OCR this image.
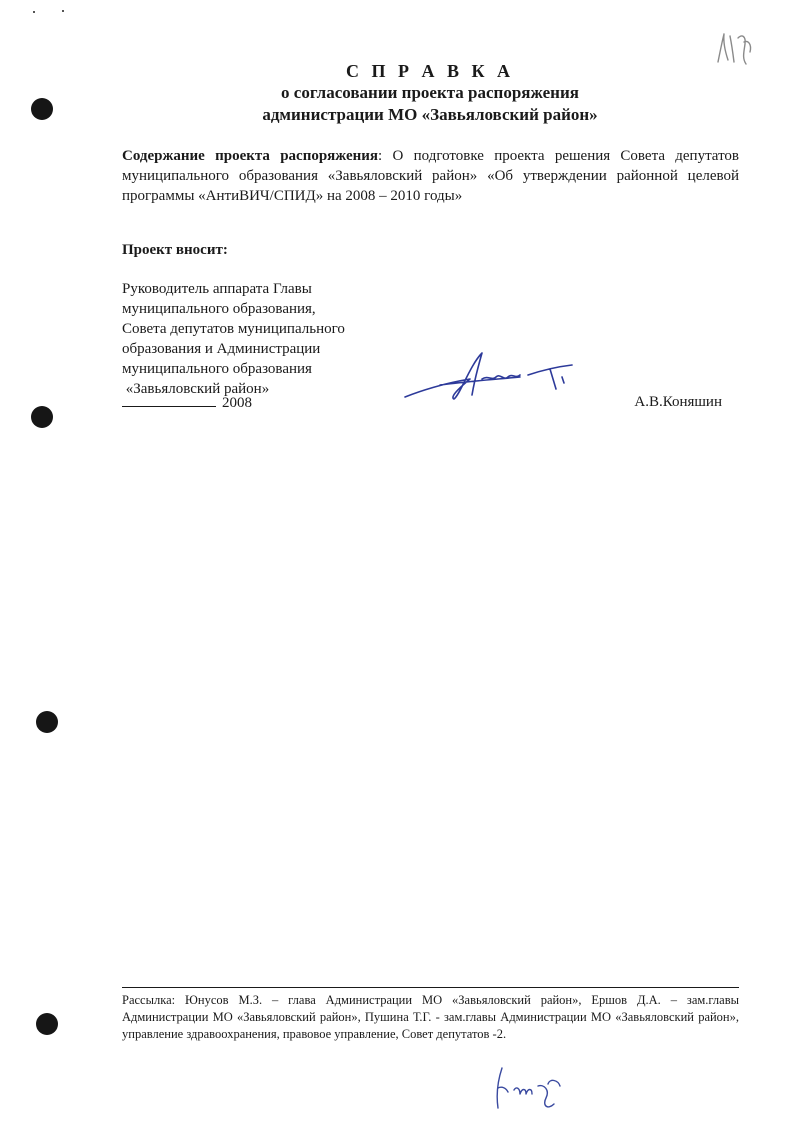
С П Р А В К А
о согласовании проекта распоряжения
администрации МО «Завьяловский район»
Содержание проекта распоряжения: О подготовке проекта решения Совета депутатов муниципального образования «Завьяловский район» «Об утверждении районной целевой программы «АнтиВИЧ/СПИД» на 2008 – 2010 годы»
Проект вносит:
Руководитель аппарата Главы
муниципального образования,
Совета депутатов муниципального
образования и Администрации
муниципального образования
«Завьяловский район»
2008	А.В.Коняшин
Рассылка: Юнусов М.З. – глава Администрации МО «Завьяловский район», Ершов Д.А. – зам.главы Администрации МО «Завьяловский район», Пушина Т.Г. - зам.главы Администрации МО «Завьяловский район», управление здравоохранения, правовое управление, Совет депутатов -2.
